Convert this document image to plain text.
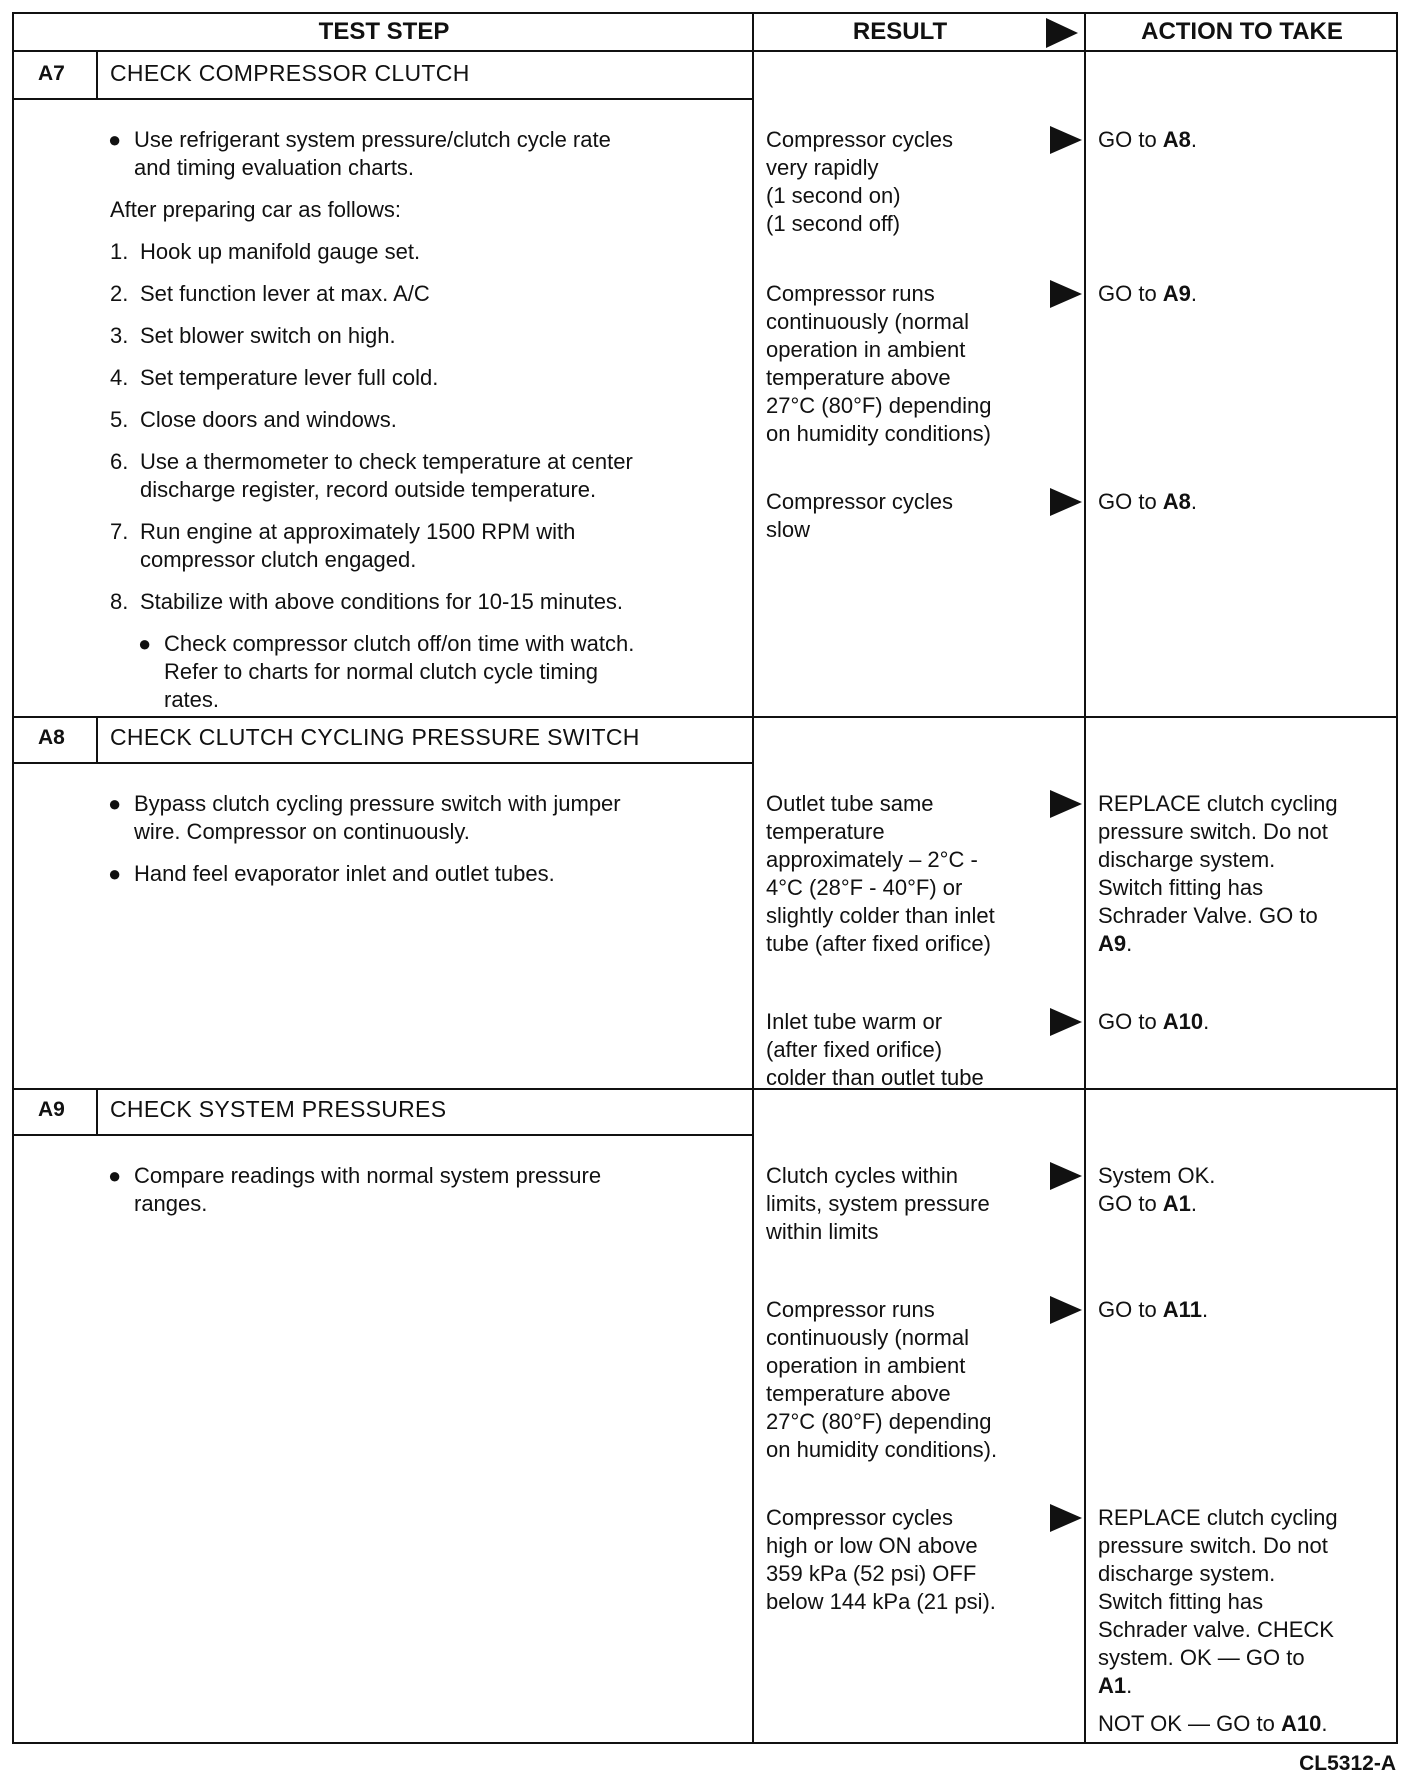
TEST STEP	RESULT	ACTION TO TAKE
A7 CHECK COMPRESSOR CLUTCH
● Use refrigerant system pressure/clutch cycle rate
and timing evaluation charts.
After preparing car as follows:
1. Hook up manifold gauge set.
2. Set function lever at max. A/C
3. Set blower switch on high.
4. Set temperature lever full cold.
5. Close doors and windows.
6. Use a thermometer to check temperature at center
discharge register, record outside temperature.
7. Run engine at approximately 1500 RPM with
compressor clutch engaged.
8. Stabilize with above conditions for 10-15 minutes.
● Check compressor clutch off/on time with watch.
Refer to charts for normal clutch cycle timing
rates.
Compressor cycles
very rapidly
(1 second on)
(1 second off)
GO to A8.
Compressor runs
continuously (normal
operation in ambient
temperature above
27°C (80°F) depending
on humidity conditions)
GO to A9.
Compressor cycles
slow
GO to A8.
A8 CHECK CLUTCH CYCLING PRESSURE SWITCH
● Bypass clutch cycling pressure switch with jumper
wire. Compressor on continuously.
● Hand feel evaporator inlet and outlet tubes.
Outlet tube same
temperature
approximately – 2°C -
4°C (28°F - 40°F) or
slightly colder than inlet
tube (after fixed orifice)
REPLACE clutch cycling
pressure switch. Do not
discharge system.
Switch fitting has
Schrader Valve. GO to
A9.
Inlet tube warm or
(after fixed orifice)
colder than outlet tube
GO to A10.
A9 CHECK SYSTEM PRESSURES
● Compare readings with normal system pressure
ranges.
Clutch cycles within
limits, system pressure
within limits
System OK.
GO to A1.
Compressor runs
continuously (normal
operation in ambient
temperature above
27°C (80°F) depending
on humidity conditions).
GO to A11.
Compressor cycles
high or low ON above
359 kPa (52 psi) OFF
below 144 kPa (21 psi).
REPLACE clutch cycling
pressure switch. Do not
discharge system.
Switch fitting has
Schrader valve. CHECK
system. OK — GO to
A1.
NOT OK — GO to A10.
CL5312-A
